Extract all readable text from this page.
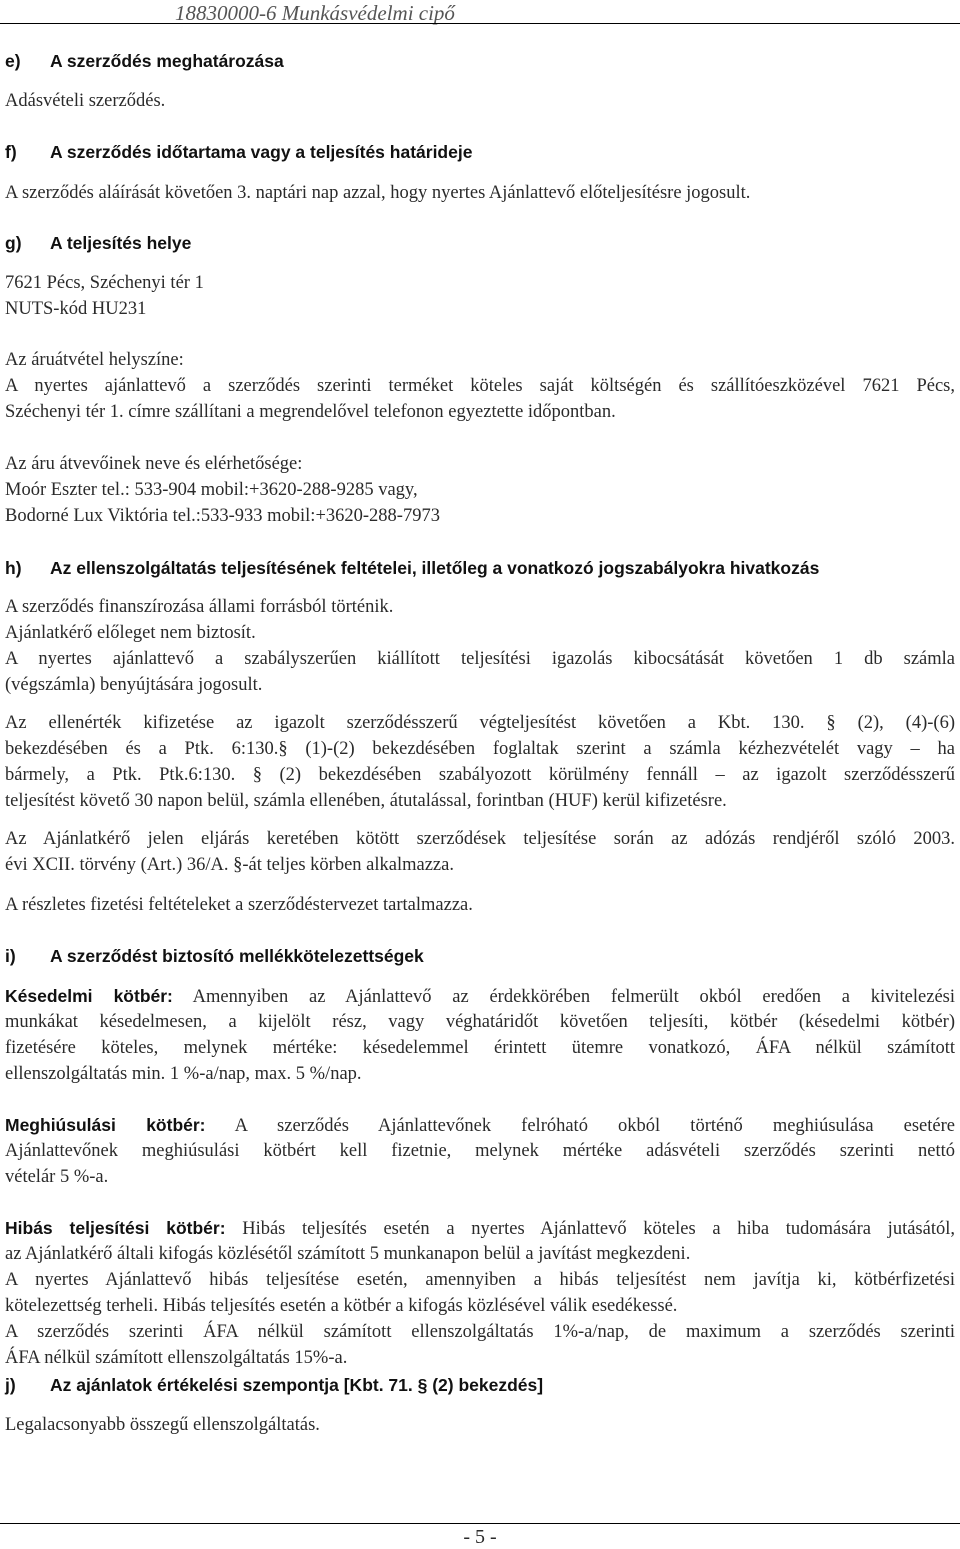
18830000-6 Munkásvédelmi cipő
e) A szerződés meghatározása
Adásvételi szerződés.
f) A szerződés időtartama vagy a teljesítés határideje
A szerződés aláírását követően 3. naptári nap azzal, hogy nyertes Ajánlattevő előteljesítésre jogosult.
g) A teljesítés helye
7621 Pécs, Széchenyi tér 1
NUTS-kód HU231
Az áruátvétel helyszíne:
A nyertes ajánlattevő a szerződés szerinti terméket köteles saját költségén és szállítóeszközével 7621 Pécs,
Széchenyi tér 1. címre szállítani a megrendelővel telefonon egyeztette időpontban.
Az áru átvevőinek neve és elérhetősége:
Moór Eszter tel.: 533-904 mobil:+3620-288-9285 vagy,
Bodorné Lux Viktória tel.:533-933 mobil:+3620-288-7973
h) Az ellenszolgáltatás teljesítésének feltételei, illetőleg a vonatkozó jogszabályokra hivatkozás
A szerződés finanszírozása állami forrásból történik.
Ajánlatkérő előleget nem biztosít.
A nyertes ajánlattevő a szabályszerűen kiállított teljesítési igazolás kibocsátását követően 1 db számla
(végszámla) benyújtására jogosult.
Az ellenérték kifizetése az igazolt szerződésszerű végteljesítést követően a Kbt. 130. § (2), (4)-(6)
bekezdésében és a Ptk. 6:130.§ (1)-(2) bekezdésében foglaltak szerint a számla kézhezvételét vagy – ha
bármely, a Ptk. Ptk.6:130. § (2) bekezdésében szabályozott körülmény fennáll – az igazolt szerződésszerű
teljesítést követő 30 napon belül, számla ellenében, átutalással, forintban (HUF) kerül kifizetésre.
Az Ajánlatkérő jelen eljárás keretében kötött szerződések teljesítése során az adózás rendjéről szóló 2003.
évi XCII. törvény (Art.) 36/A. §-át teljes körben alkalmazza.
A részletes fizetési feltételeket a szerződéstervezet tartalmazza.
i) A szerződést biztosító mellékkötelezettségek
Késedelmi kötbér: Amennyiben az Ajánlattevő az érdekkörében felmerült okból eredően a kivitelezési
munkákat késedelmesen, a kijelölt rész, vagy véghatáridőt követően teljesíti, kötbér (késedelmi kötbér)
fizetésére köteles, melynek mértéke: késedelemmel érintett ütemre vonatkozó, ÁFA nélkül számított
ellenszolgáltatás min. 1 %-a/nap, max. 5 %/nap.
Meghiúsulási kötbér: A szerződés Ajánlattevőnek felróható okból történő meghiúsulása esetére
Ajánlattevőnek meghiúsulási kötbért kell fizetnie, melynek mértéke adásvételi szerződés szerinti nettó
vételár 5 %-a.
Hibás teljesítési kötbér: Hibás teljesítés esetén a nyertes Ajánlattevő köteles a hiba tudomására jutásától,
az Ajánlatkérő általi kifogás közlésétől számított 5 munkanapon belül a javítást megkezdeni.
A nyertes Ajánlattevő hibás teljesítése esetén, amennyiben a hibás teljesítést nem javítja ki, kötbérfizetési
kötelezettség terheli. Hibás teljesítés esetén a kötbér a kifogás közlésével válik esedékessé.
A szerződés szerinti ÁFA nélkül számított ellenszolgáltatás 1%-a/nap, de maximum a szerződés szerinti
ÁFA nélkül számított ellenszolgáltatás 15%-a.
j) Az ajánlatok értékelési szempontja [Kbt. 71. § (2) bekezdés]
Legalacsonyabb összegű ellenszolgáltatás.
- 5 -
